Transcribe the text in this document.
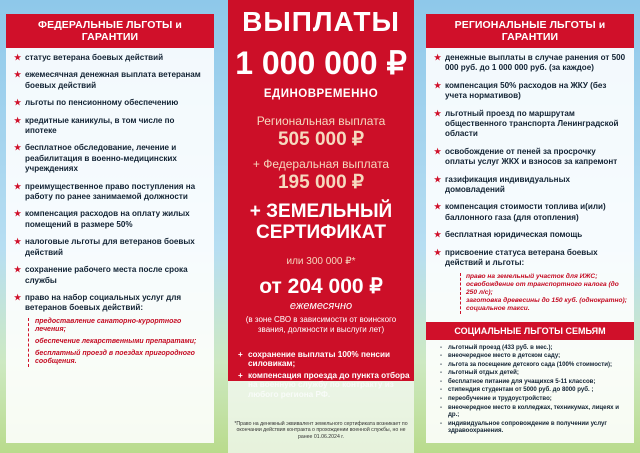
ФЕДЕРАЛЬНЫЕ ЛЬГОТЫ и ГАРАНТИИ
★ статус ветерана боевых действий
★ ежемесячная денежная выплата ветеранам боевых действий
★ льготы по пенсионному обеспечению
★ кредитные каникулы, в том числе по ипотеке
★ бесплатное обследование, лечение и реабилитация в военно-медицинских учреждениях
★ преимущественное право поступления на работу по ранее занимаемой должности
★ компенсация расходов на оплату жилых помещений в размере 50%
★ налоговые льготы для ветеранов боевых действий
★ сохранение рабочего места после срока службы
★ право на набор социальных услуг для ветеранов боевых действий:
предоставление санаторно-курортного лечения;
обеспечение лекарственными препаратами;
бесплатный проезд в поездах пригородного сообщения.
ВЫПЛАТЫ
1 000 000 ₽
ЕДИНОВРЕМЕННО
Региональная выплата
505 000 ₽
+ Федеральная выплата
195 000 ₽
+ ЗЕМЕЛЬНЫЙ
СЕРТИФИКАТ
или 300 000 ₽*
от 204 000 ₽
ежемесячно
(в зоне СВО в зависимости от воинского звания, должности и выслуги лет)
+ сохранение выплаты 100% пенсии силовикам;
+ компенсация проезда до пункта отбора
*Право на денежный эквивалент земельного сертификата возникает по окончании действия контракта о прохождении военной службы, но не ранее 01.06.2024 г.
РЕГИОНАЛЬНЫЕ ЛЬГОТЫ и ГАРАНТИИ
★ денежные выплаты в случае ранения от 500 000 руб. до 1 000 000 руб. (за каждое)
★ компенсация 50% расходов на ЖКУ (без учета нормативов)
★ льготный проезд по маршрутам общественного транспорта Ленинградской области
★ освобождение от пеней за просрочку оплаты услуг ЖКХ и взносов за капремонт
★ газификация индивидуальных домовладений
★ компенсация стоимости топлива и(или) баллонного газа (для отопления)
★ бесплатная юридическая помощь
★ присвоение статуса ветерана боевых действий и льготы:
право на земельный участок для ИЖС;
освобождение от транспортного налога (до 250 л/с);
заготовка древесины до 150 куб. (однократно);
социальное такси.
СОЦИАЛЬНЫЕ ЛЬГОТЫ СЕМЬЯМ
- льготный проезд (433 руб. в мес.);
- внеочередное место в детском саду;
- льгота за посещение детского сада (100% стоимости);
- льготный отдых детей;
- бесплатное питание для учащихся 5-11 классов;
- стипендия студентам от 5000 руб. до 8000 руб. ;
- переобучение и трудоустройство;
- внеочередное место в колледжах, техникумах, лицеях и др.;
- индивидуальное сопровождение в получении услуг здравоохранения.
